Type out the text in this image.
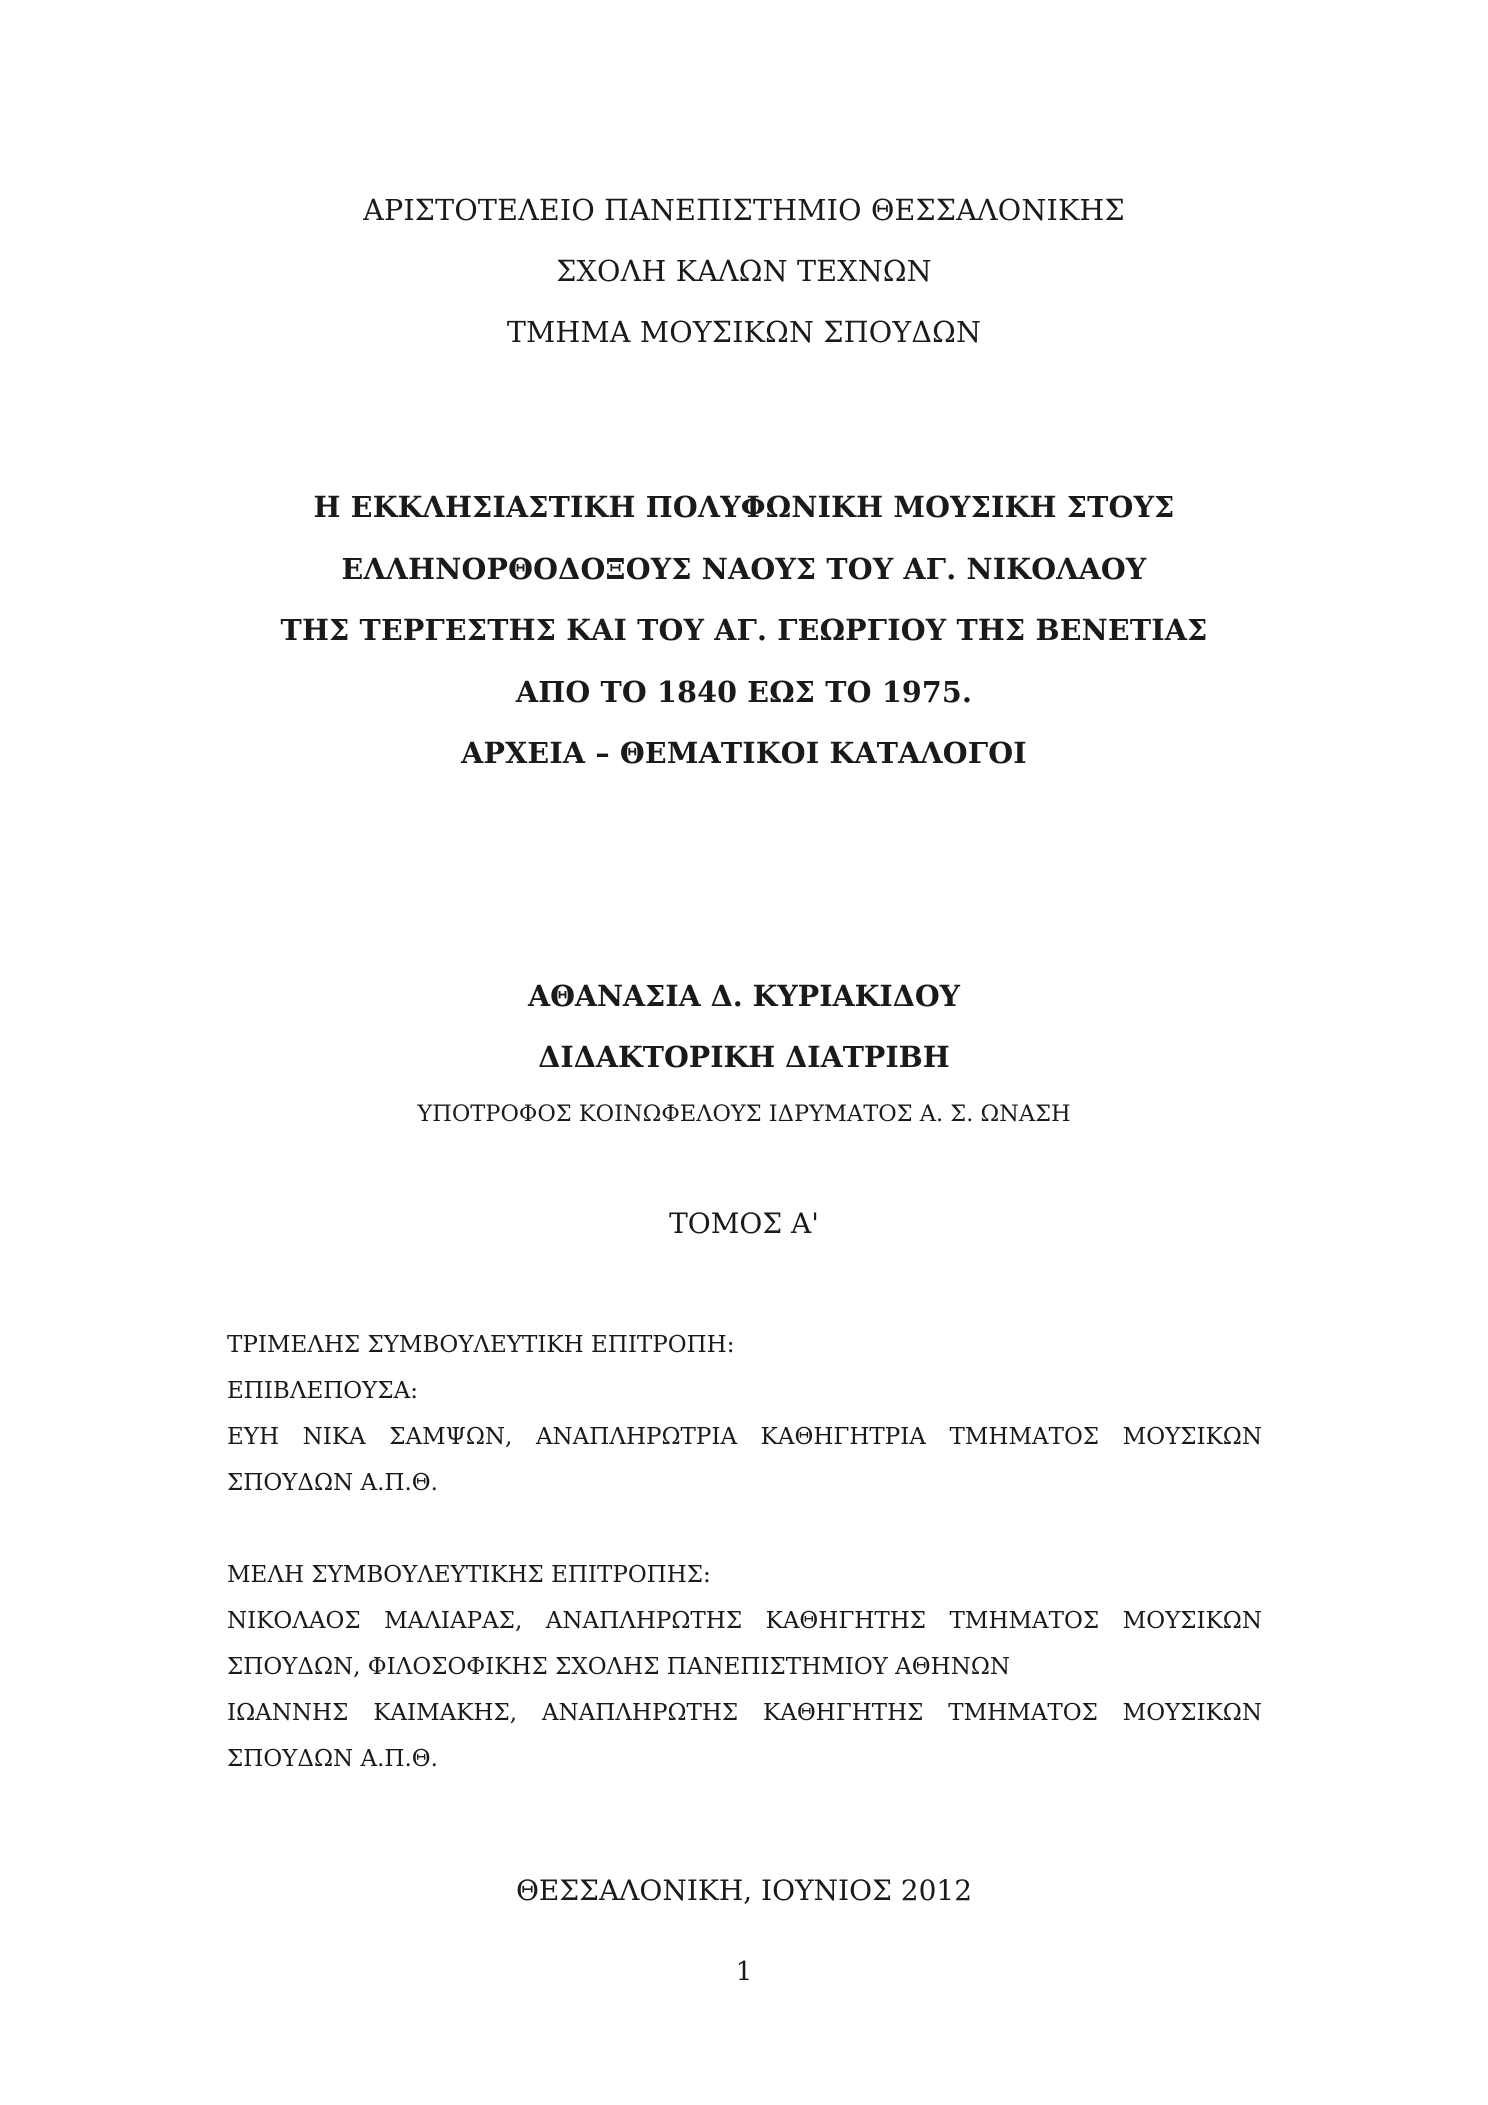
ΑΡΙΣΤΟΤΕΛΕΙΟ ΠΑΝΕΠΙΣΤΗΜΙΟ ΘΕΣΣΑΛΟΝΙΚΗΣ
ΣΧΟΛΗ ΚΑΛΩΝ ΤΕΧΝΩΝ
ΤΜΗΜΑ ΜΟΥΣΙΚΩΝ ΣΠΟΥΔΩΝ
Η ΕΚΚΛΗΣΙΑΣΤΙΚΗ ΠΟΛΥΦΩΝΙΚΗ ΜΟΥΣΙΚΗ ΣΤΟΥΣ
ΕΛΛΗΝΟΡΘΟΔΟΞΟΥΣ ΝΑΟΥΣ ΤΟΥ ΑΓ. ΝΙΚΟΛΑΟΥ
ΤΗΣ ΤΕΡΓΕΣΤΗΣ ΚΑΙ ΤΟΥ ΑΓ. ΓΕΩΡΓΙΟΥ ΤΗΣ ΒΕΝΕΤΙΑΣ
ΑΠΟ ΤΟ 1840 ΕΩΣ ΤΟ 1975.
ΑΡΧΕΙΑ – ΘΕΜΑΤΙΚΟΙ ΚΑΤΑΛΟΓΟΙ
ΑΘΑΝΑΣΙΑ Δ. ΚΥΡΙΑΚΙΔΟΥ
ΔΙΔΑΚΤΟΡΙΚΗ ΔΙΑΤΡΙΒΗ
ΥΠΟΤΡΟΦΟΣ ΚΟΙΝΩΦΕΛΟΥΣ ΙΔΡΥΜΑΤΟΣ Α. Σ. ΩΝΑΣΗ
ΤΟΜΟΣ Α'
ΤΡΙΜΕΛΗΣ ΣΥΜΒΟΥΛΕΥΤΙΚΗ ΕΠΙΤΡΟΠΗ:
ΕΠΙΒΛΕΠΟΥΣΑ:
ΕΥΗ ΝΙΚΑ ΣΑΜΨΩΝ, ΑΝΑΠΛΗΡΩΤΡΙΑ ΚΑΘΗΓΗΤΡΙΑ ΤΜΗΜΑΤΟΣ ΜΟΥΣΙΚΩΝ
ΣΠΟΥΔΩΝ Α.Π.Θ.
ΜΕΛΗ ΣΥΜΒΟΥΛΕΥΤΙΚΗΣ ΕΠΙΤΡΟΠΗΣ:
ΝΙΚΟΛΑΟΣ ΜΑΛΙΑΡΑΣ, ΑΝΑΠΛΗΡΩΤΗΣ ΚΑΘΗΓΗΤΗΣ ΤΜΗΜΑΤΟΣ ΜΟΥΣΙΚΩΝ
ΣΠΟΥΔΩΝ, ΦΙΛΟΣΟΦΙΚΗΣ ΣΧΟΛΗΣ ΠΑΝΕΠΙΣΤΗΜΙΟΥ ΑΘΗΝΩΝ
ΙΩΑΝΝΗΣ ΚΑΙΜΑΚΗΣ, ΑΝΑΠΛΗΡΩΤΗΣ ΚΑΘΗΓΗΤΗΣ ΤΜΗΜΑΤΟΣ ΜΟΥΣΙΚΩΝ
ΣΠΟΥΔΩΝ Α.Π.Θ.
ΘΕΣΣΑΛΟΝΙΚΗ, ΙΟΥΝΙΟΣ 2012
1
